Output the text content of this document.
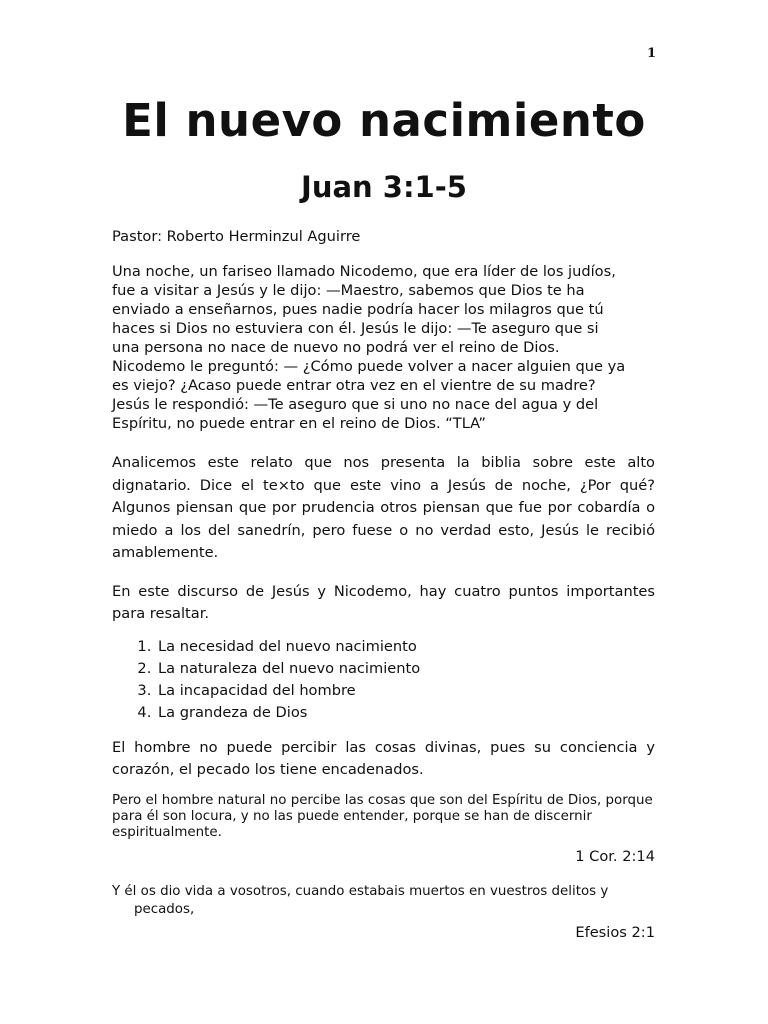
1
El nuevo nacimiento
Juan 3:1-5

Pastor: Roberto Herminzul Aguirre

Una noche, un fariseo llamado Nicodemo, que era líder de los judíos,
fue a visitar a Jesús y le dijo: —Maestro, sabemos que Dios te ha
enviado a enseñarnos, pues nadie podría hacer los milagros que tú
haces si Dios no estuviera con él. Jesús le dijo: —Te aseguro que si
una persona no nace de nuevo no podrá ver el reino de Dios.
Nicodemo le preguntó: — ¿Cómo puede volver a nacer alguien que ya
es viejo? ¿Acaso puede entrar otra vez en el vientre de su madre?
Jesús le respondió: —Te aseguro que si uno no nace del agua y del
Espíritu, no puede entrar en el reino de Dios. “TLA”

Analicemos este relato que nos presenta la biblia sobre este alto dignatario. Dice el te×to que este vino a Jesús de noche, ¿Por qué? Algunos piensan que por prudencia otros piensan que fue por cobardía o miedo a los del sanedrín, pero fuese o no verdad esto, Jesús le recibió amablemente.

En este discurso de Jesús y Nicodemo, hay cuatro puntos importantes para resaltar.

1. La necesidad del nuevo nacimiento
2. La naturaleza del nuevo nacimiento
3. La incapacidad del hombre
4. La grandeza de Dios

El hombre no puede percibir las cosas divinas, pues su conciencia y corazón, el pecado los tiene encadenados.

Pero el hombre natural no percibe las cosas que son del Espíritu de Dios, porque para él son locura, y no las puede entender, porque se han de discernir espiritualmente.

1 Cor. 2:14

Y él os dio vida a vosotros, cuando estabais muertos en vuestros delitos y pecados,

Efesios 2:1
